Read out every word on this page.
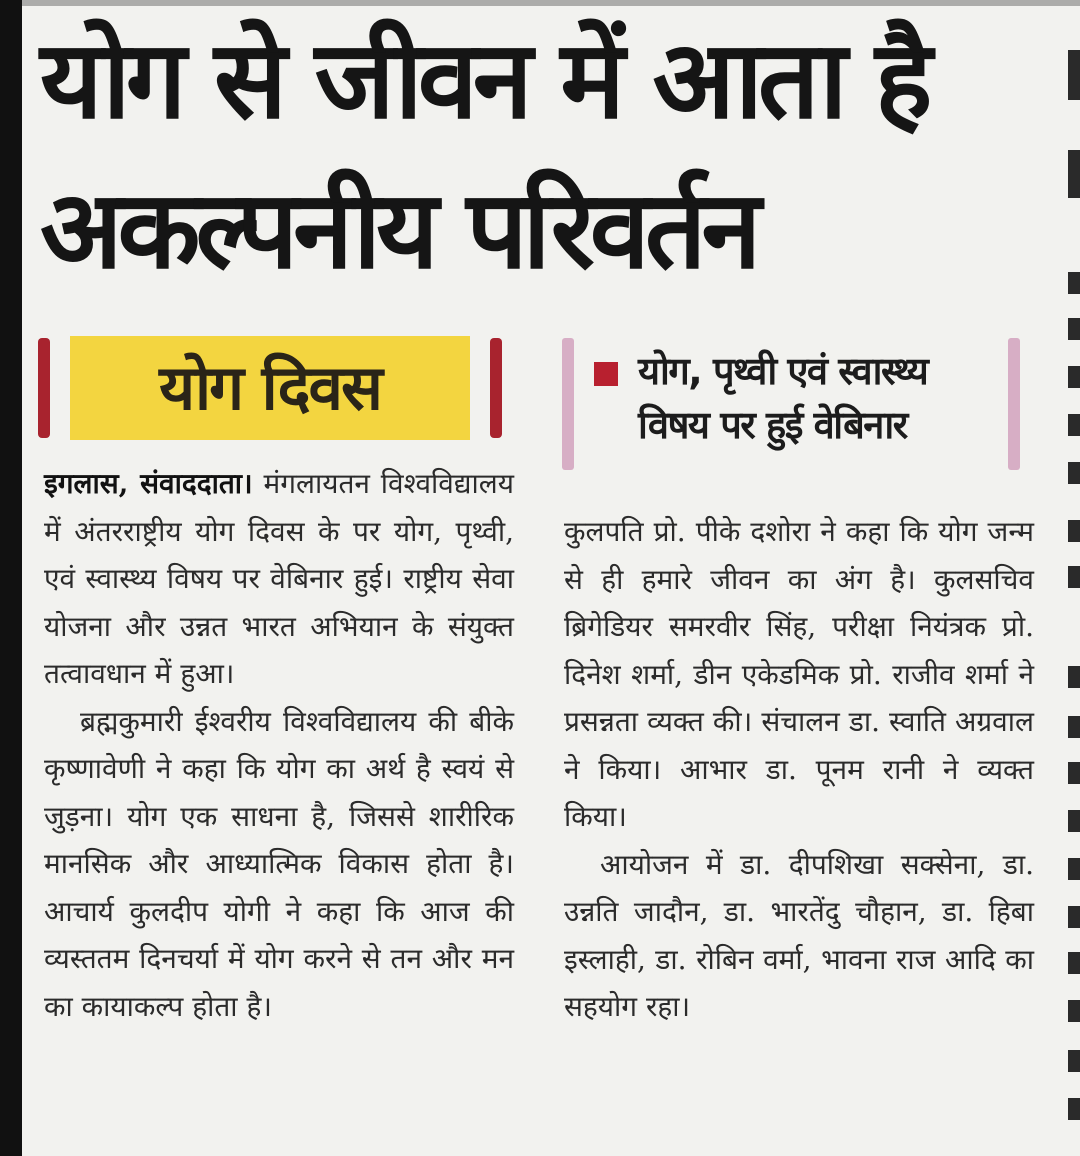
योग से जीवन में आता है
अकल्पनीय परिवर्तन
योग दिवस	योग, पृथ्वी एवं स्वास्थ्य
विषय पर हुई वेबिनार

इगलास, संवाददाता। मंगलायतन विश्वविद्यालय में अंतरराष्ट्रीय योग दिवस के पर योग, पृथ्वी, एवं स्वास्थ्य विषय पर वेबिनार हुई। राष्ट्रीय सेवा योजना और उन्नत भारत अभियान के संयुक्त तत्वावधान में हुआ।

ब्रह्मकुमारी ईश्वरीय विश्वविद्यालय की बीके कृष्णावेणी ने कहा कि योग का अर्थ है स्वयं से जुड़ना। योग एक साधना है, जिससे शारीरिक मानसिक और आध्यात्मिक विकास होता है। आचार्य कुलदीप योगी ने कहा कि आज की व्यस्ततम दिनचर्या में योग करने से तन और मन का कायाकल्प होता है।

कुलपति प्रो. पीके दशोरा ने कहा कि योग जन्म से ही हमारे जीवन का अंग है। कुलसचिव ब्रिगेडियर समरवीर सिंह, परीक्षा नियंत्रक प्रो. दिनेश शर्मा, डीन एकेडमिक प्रो. राजीव शर्मा ने प्रसन्नता व्यक्त की। संचालन डा. स्वाति अग्रवाल ने किया। आभार डा. पूनम रानी ने व्यक्त किया।

आयोजन में डा. दीपशिखा सक्सेना, डा. उन्नति जादौन, डा. भारतेंदु चौहान, डा. हिबा इस्लाही, डा. रोबिन वर्मा, भावना राज आदि का सहयोग रहा।
